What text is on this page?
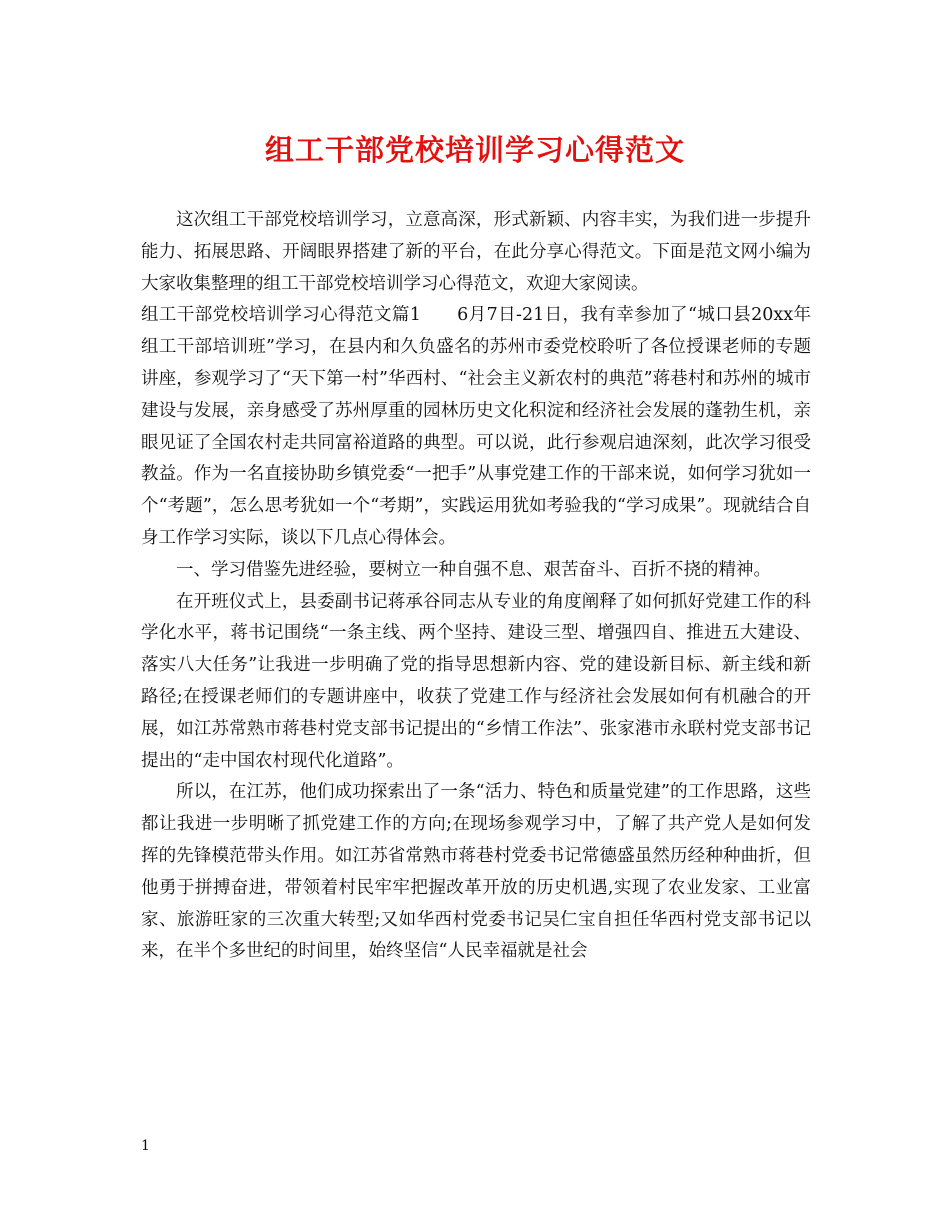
组工干部党校培训学习心得范文

这次组工干部党校培训学习，立意高深，形式新颖、内容丰实，为我们进一步提升能力、拓展思路、开阔眼界搭建了新的平台，在此分享心得范文。下面是范文网小编为大家收集整理的组工干部党校培训学习心得范文，欢迎大家阅读。

组工干部党校培训学习心得范文篇1　　6月7日-21日，我有幸参加了“城口县20xx年组工干部培训班”学习，在县内和久负盛名的苏州市委党校聆听了各位授课老师的专题讲座，参观学习了“天下第一村”华西村、“社会主义新农村的典范”蒋巷村和苏州的城市建设与发展，亲身感受了苏州厚重的园林历史文化积淀和经济社会发展的蓬勃生机，亲眼见证了全国农村走共同富裕道路的典型。可以说，此行参观启迪深刻，此次学习很受教益。作为一名直接协助乡镇党委“一把手”从事党建工作的干部来说，如何学习犹如一个“考题”，怎么思考犹如一个“考期”，实践运用犹如考验我的“学习成果”。现就结合自身工作学习实际，谈以下几点心得体会。

一、学习借鉴先进经验，要树立一种自强不息、艰苦奋斗、百折不挠的精神。

在开班仪式上，县委副书记蒋承谷同志从专业的角度阐释了如何抓好党建工作的科学化水平，蒋书记围绕“一条主线、两个坚持、建设三型、增强四自、推进五大建设、落实八大任务”让我进一步明确了党的指导思想新内容、党的建设新目标、新主线和新路径;在授课老师们的专题讲座中，收获了党建工作与经济社会发展如何有机融合的开展，如江苏常熟市蒋巷村党支部书记提出的“乡情工作法”、张家港市永联村党支部书记提出的“走中国农村现代化道路”。

所以，在江苏，他们成功探索出了一条“活力、特色和质量党建”的工作思路，这些都让我进一步明晰了抓党建工作的方向;在现场参观学习中，了解了共产党人是如何发挥的先锋模范带头作用。如江苏省常熟市蒋巷村党委书记常德盛虽然历经种种曲折，但他勇于拼搏奋进，带领着村民牢牢把握改革开放的历史机遇,实现了农业发家、工业富家、旅游旺家的三次重大转型;又如华西村党委书记吴仁宝自担任华西村党支部书记以来，在半个多世纪的时间里，始终坚信“人民幸福就是社会

1
